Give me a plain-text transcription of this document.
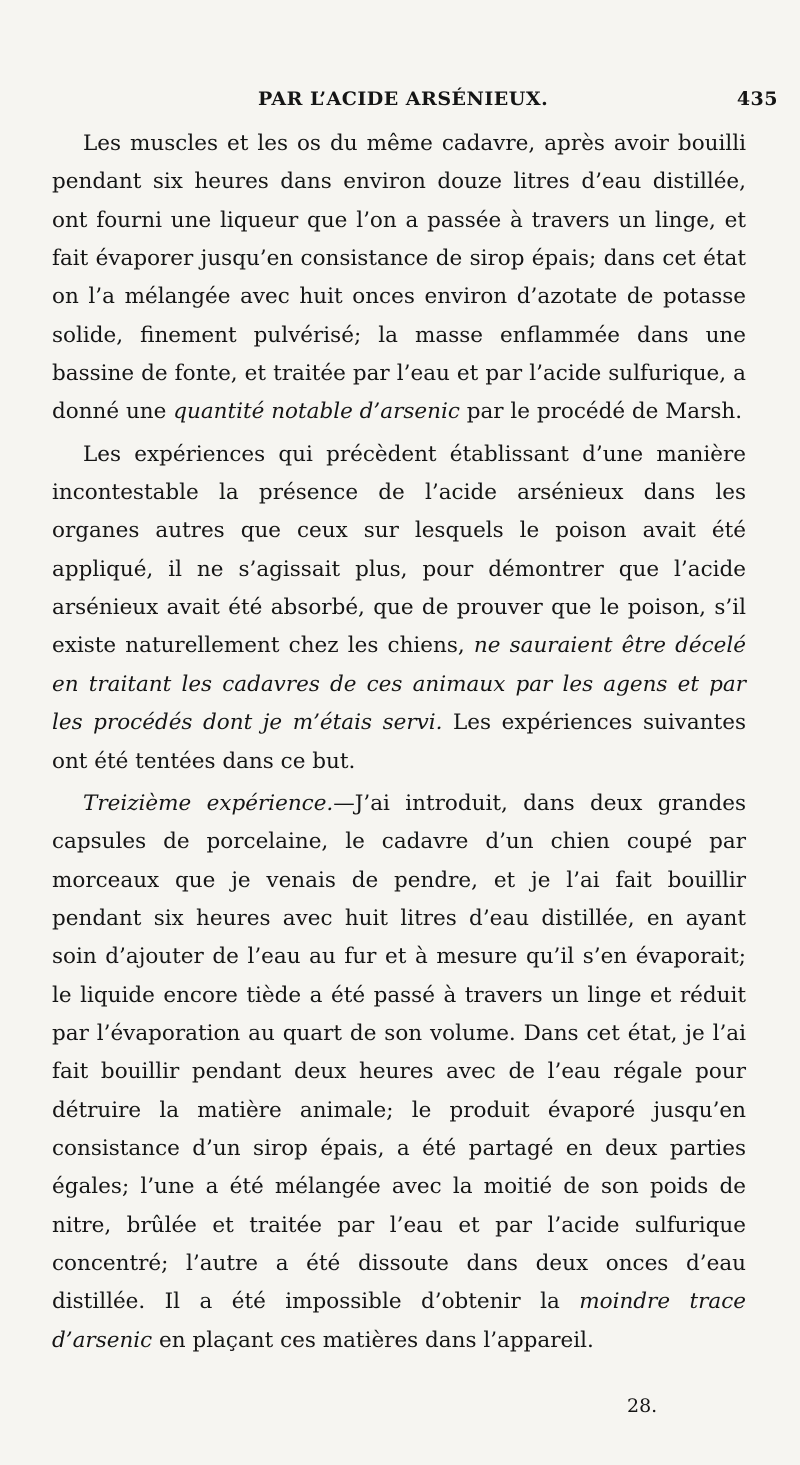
PAR L’ACIDE ARSÉNIEUX.	435

Les muscles et les os du même cadavre, après avoir bouilli pendant six heures dans environ douze litres d’eau distillée, ont fourni une liqueur que l’on a passée à travers un linge, et fait évaporer jusqu’en consistance de sirop épais; dans cet état on l’a mélangée avec huit onces environ d’azotate de potasse solide, finement pulvérisé; la masse enflammée dans une bassine de fonte, et traitée par l’eau et par l’acide sulfurique, a donné une quantité notable d’arsenic par le procédé de Marsh.

Les expériences qui précèdent établissant d’une manière incontestable la présence de l’acide arsénieux dans les organes autres que ceux sur lesquels le poison avait été appliqué, il ne s’agissait plus, pour démontrer que l’acide arsénieux avait été absorbé, que de prouver que le poison, s’il existe naturellement chez les chiens, ne sauraient être décelé en traitant les cadavres de ces animaux par les agens et par les procédés dont je m’étais servi. Les expériences suivantes ont été tentées dans ce but.

Treizième expérience.—J’ai introduit, dans deux grandes capsules de porcelaine, le cadavre d’un chien coupé par morceaux que je venais de pendre, et je l’ai fait bouillir pendant six heures avec huit litres d’eau distillée, en ayant soin d’ajouter de l’eau au fur et à mesure qu’il s’en évaporait; le liquide encore tiède a été passé à travers un linge et réduit par l’évaporation au quart de son volume. Dans cet état, je l’ai fait bouillir pendant deux heures avec de l’eau régale pour détruire la matière animale; le produit évaporé jusqu’en consistance d’un sirop épais, a été partagé en deux parties égales; l’une a été mélangée avec la moitié de son poids de nitre, brûlée et traitée par l’eau et par l’acide sulfurique concentré; l’autre a été dissoute dans deux onces d’eau distillée. Il a été impossible d’obtenir la moindre trace d’arsenic en plaçant ces matières dans l’appareil.

28.
